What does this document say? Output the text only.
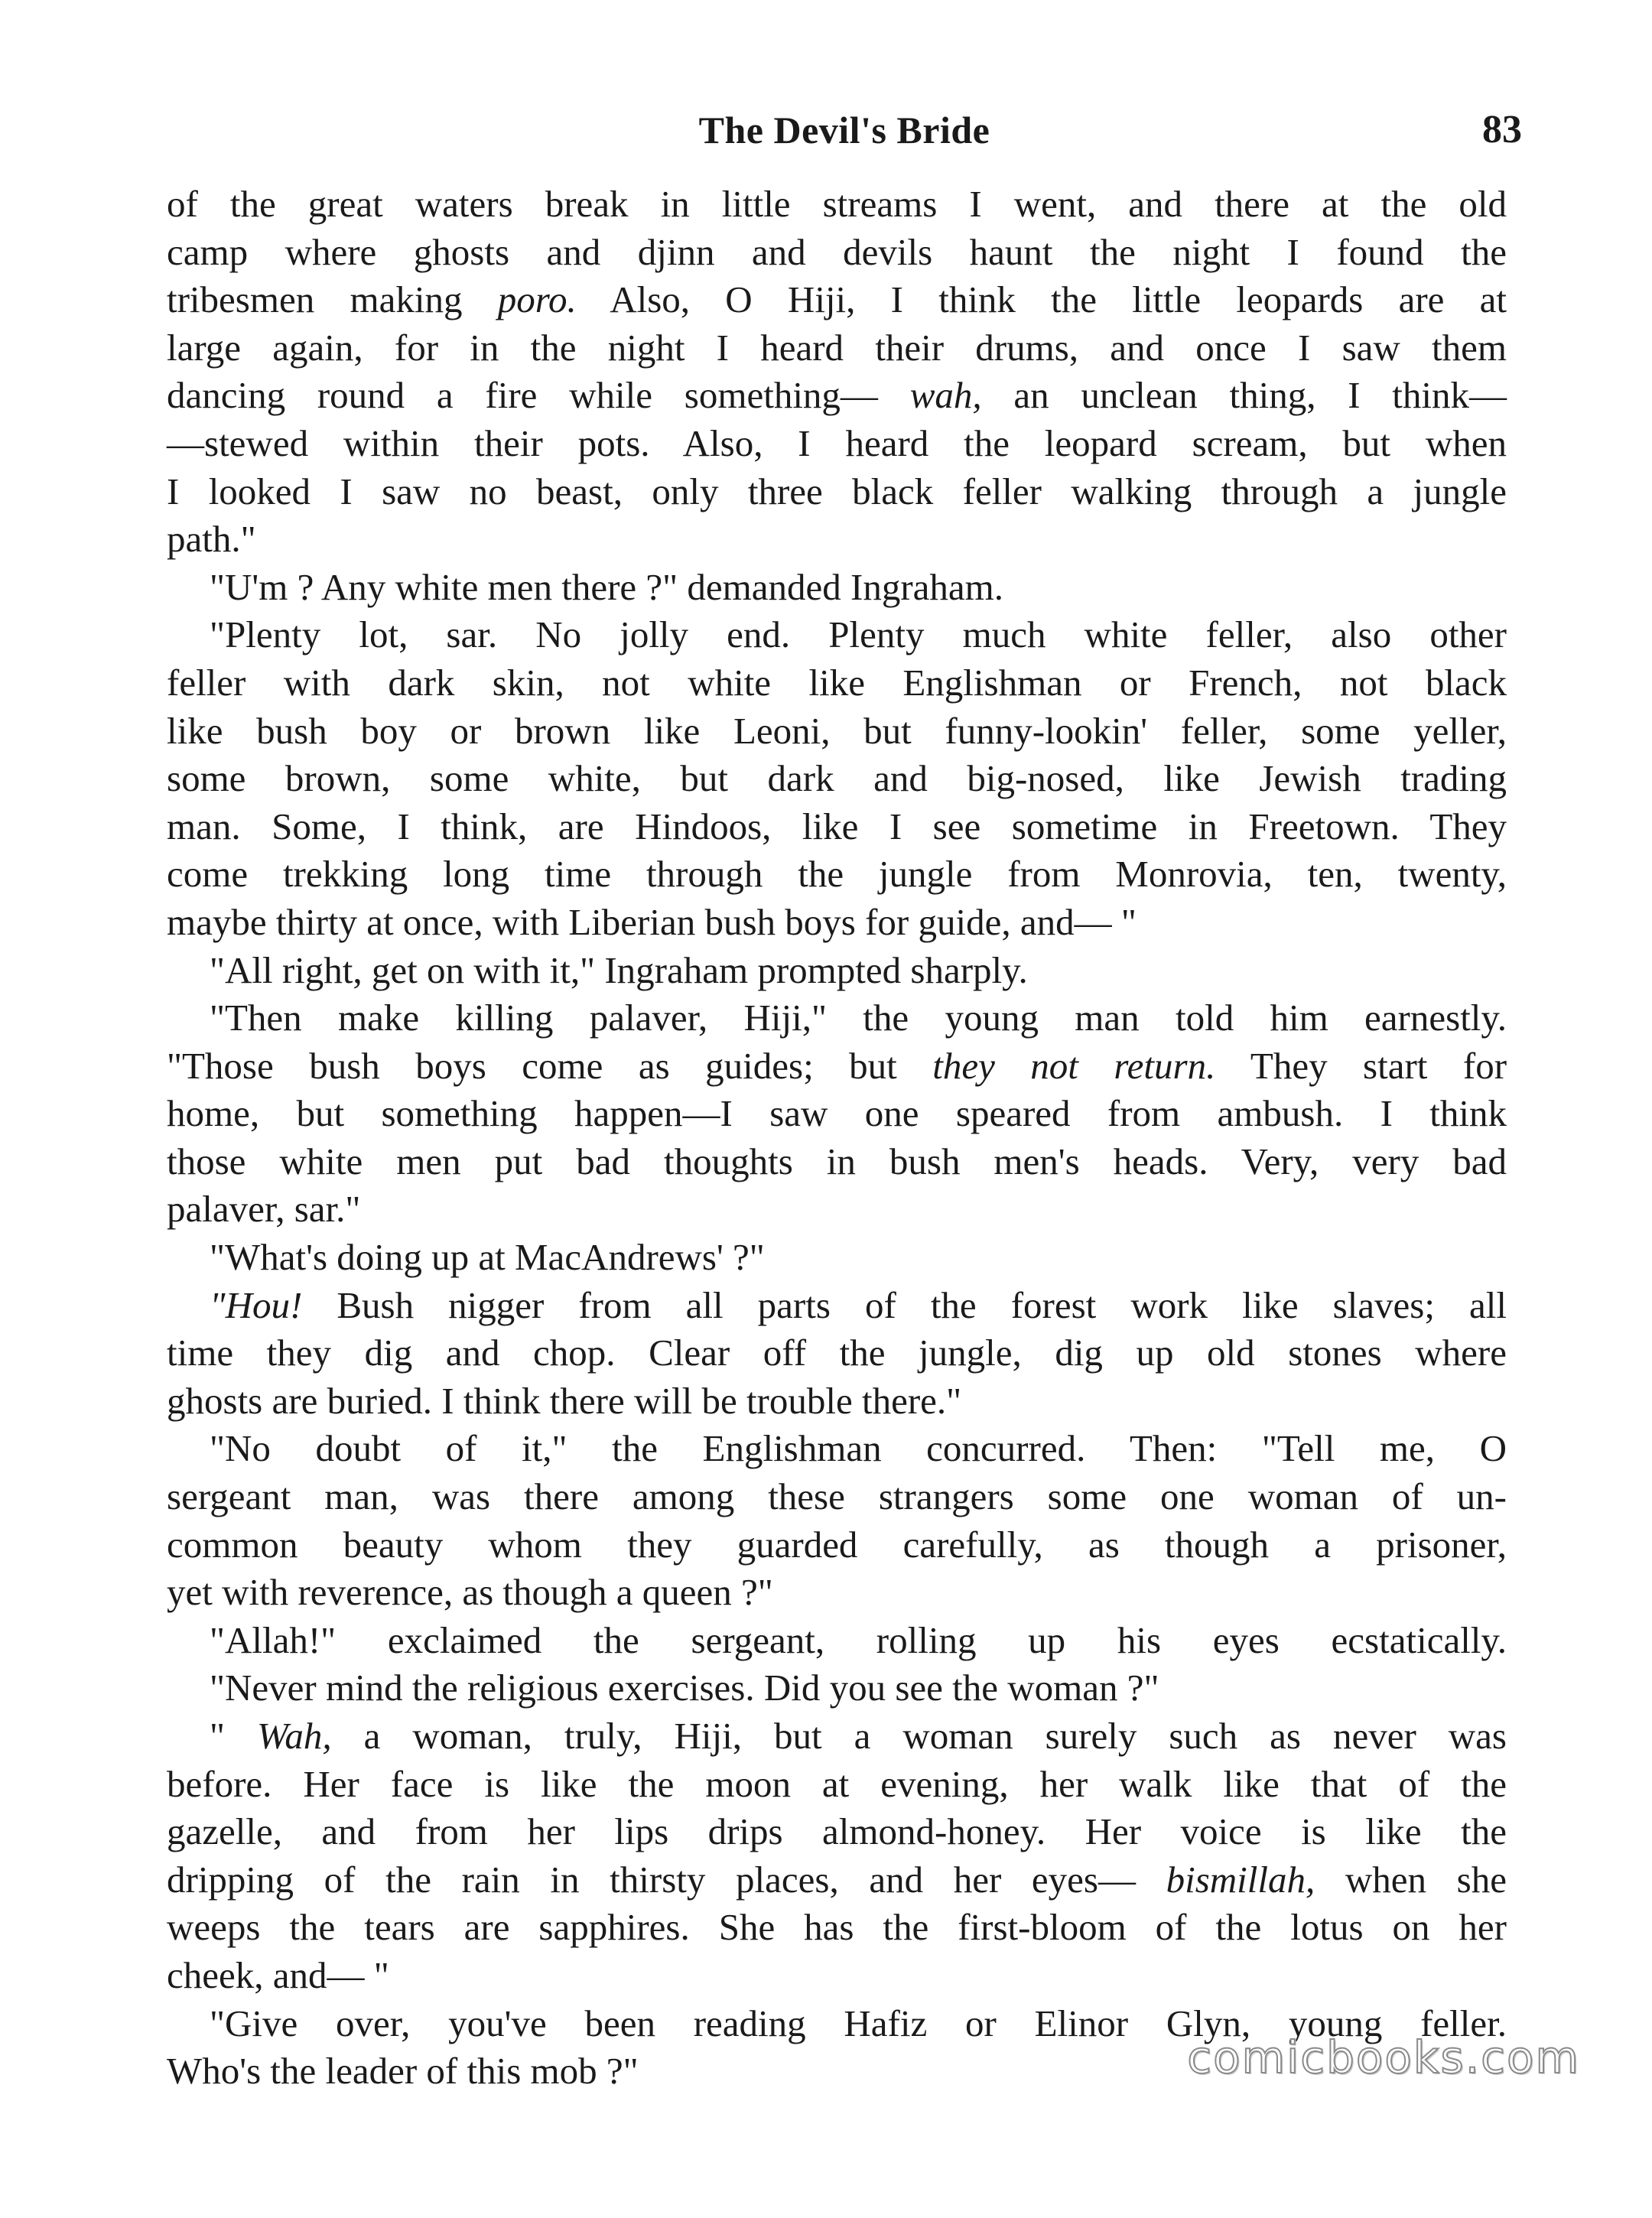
The Devil's Bride	83
of the great waters break in little streams I went, and there at the old
camp where ghosts and djinn and devils haunt the night I found the
tribesmen making poro. Also, O Hiji, I think the little leopards are at
large again, for in the night I heard their drums, and once I saw them
dancing round a fire while something— wah, an unclean thing, I think—
—stewed within their pots. Also, I heard the leopard scream, but when
I looked I saw no beast, only three black feller walking through a jungle
path."
"U'm ? Any white men there ?" demanded Ingraham.
"Plenty lot, sar. No jolly end. Plenty much white feller, also other
feller with dark skin, not white like Englishman or French, not black
like bush boy or brown like Leoni, but funny-lookin' feller, some yeller,
some brown, some white, but dark and big-nosed, like Jewish trading
man. Some, I think, are Hindoos, like I see sometime in Freetown. They
come trekking long time through the jungle from Monrovia, ten, twenty,
maybe thirty at once, with Liberian bush boys for guide, and— "
"All right, get on with it," Ingraham prompted sharply.
"Then make killing palaver, Hiji," the young man told him earnestly.
"Those bush boys come as guides; but they not return. They start for
home, but something happen—I saw one speared from ambush. I think
those white men put bad thoughts in bush men's heads. Very, very bad
palaver, sar."
"What's doing up at MacAndrews' ?"
"Hou! Bush nigger from all parts of the forest work like slaves; all
time they dig and chop. Clear off the jungle, dig up old stones where
ghosts are buried. I think there will be trouble there."
"No doubt of it," the Englishman concurred. Then: "Tell me, O
sergeant man, was there among these strangers some one woman of un-
common beauty whom they guarded carefully, as though a prisoner,
yet with reverence, as though a queen ?"
"Allah!" exclaimed the sergeant, rolling up his eyes ecstatically.
"Never mind the religious exercises. Did you see the woman ?"
" Wah, a woman, truly, Hiji, but a woman surely such as never was
before. Her face is like the moon at evening, her walk like that of the
gazelle, and from her lips drips almond-honey. Her voice is like the
dripping of the rain in thirsty places, and her eyes— bismillah, when she
weeps the tears are sapphires. She has the first-bloom of the lotus on her
cheek, and— "
"Give over, you've been reading Hafiz or Elinor Glyn, young feller.
Who's the leader of this mob ?"	comicbooks.com
